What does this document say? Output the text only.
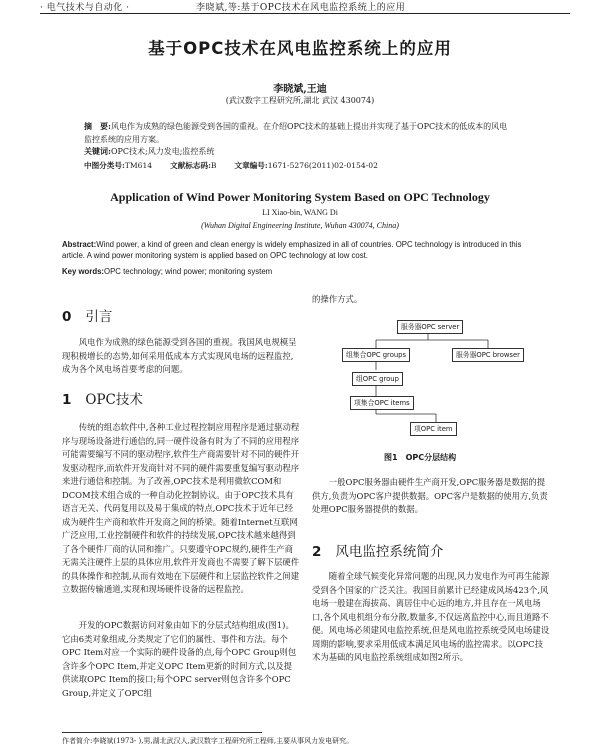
· 电气技术与自动化 ·	李晓斌,等:基于OPC技术在风电监控系统上的应用
基于OPC技术在风电监控系统上的应用
李晓斌,王迪
(武汉数字工程研究所,湖北 武汉 430074)
摘　要:风电作为成熟的绿色能源受到各国的重视。在介绍OPC技术的基础上提出并实现了基于OPC技术的低成本的风电监控系统的应用方案。
关键词:OPC技术;风力发电;监控系统
中图分类号:TM614 文献标志码:B 文章编号:1671-5276(2011)02-0154-02
Application of Wind Power Monitoring System Based on OPC Technology
LI Xiao-bin, WANG Di
(Wuhan Digital Engineering Institute, Wuhan 430074, China)
Abstract:Wind power, a kind of green and clean energy is widely emphasized in all of countries. OPC technology is introduced in this article. A wind power monitoring system is applied based on OPC technology at low cost.
Key words:OPC technology; wind power; monitoring system
0 引言
风电作为成熟的绿色能源受到各国的重视。我国风电规模呈现积极增长的态势,如何采用低成本方式实现风电场的远程监控,成为各个风电场首要考虑的问题。
1 OPC技术
传统的组态软件中,各种工业过程控制应用程序是通过驱动程序与现场设备进行通信的,同一硬件设备有时为了不同的应用程序可能需要编写不同的驱动程序,软件生产商需要针对不同的硬件开发驱动程序,而软件开发商针对不同的硬件需要重复编写驱动程序来进行通信和控制。为了改善,OPC技术是利用微软COM和DCOM技术组合成的一种自动化控制协议。由于OPC技术具有语言无关、代码复用以及易于集成的特点,OPC技术于近年已经成为硬件生产商和软件开发商之间的桥梁。随着Internet互联网广泛应用,工业控制硬件和软件的持续发展,OPC技术越来越得到了各个硬件厂商的认同和推广。只要遵守OPC规约,硬件生产商无需关注硬件上层的具体应用,软件开发商也不需要了解下层硬件的具体操作和控制,从而有效地在下层硬件和上层监控软件之间建立数据传输通道,实现和现场硬件设备的远程监控。
开发的OPC数据访问对象由如下的分层式结构组成(图1)。它由6类对象组成,分类规定了它们的属性、事件和方法。每个OPC Item对应一个实际的硬件设备的点,每个OPC Group则包含许多个OPC Item,并定义OPC Item更新的时间方式,以及提供读取OPC Item的接口;每个OPC server则包含许多个OPC Group,并定义了OPC组
的操作方式。
服务器OPC server
组集合OPC groups	服务器OPC browser
组OPC group
项集合OPC items
项OPC item
图1 OPC分层结构
一般OPC服务器由硬件生产商开发,OPC服务器是数据的提供方,负责为OPC客户提供数据。OPC客户是数据的使用方,负责处理OPC服务器提供的数据。
2 风电监控系统简介
随着全球气候变化异常问题的出现,风力发电作为可再生能源受到各个国家的广泛关注。我国目前累计已经建成风场423个,风电场一般建在海拔高、离居住中心远的地方,并且存在一风电场口,各个风电机组分布分散,数量多,不仅远离监控中心,而且道路不便。风电场必须建风电监控系统,但是风电监控系统受风电场建设周期的影响,要求采用低成本满足风电场的监控需求。以OPC技术为基础的风电监控系统组成如图2所示。
作者简介:李晓斌(1973- ),男,湖北武汉人,武汉数字工程研究所工程师,主要从事风力发电研究。
